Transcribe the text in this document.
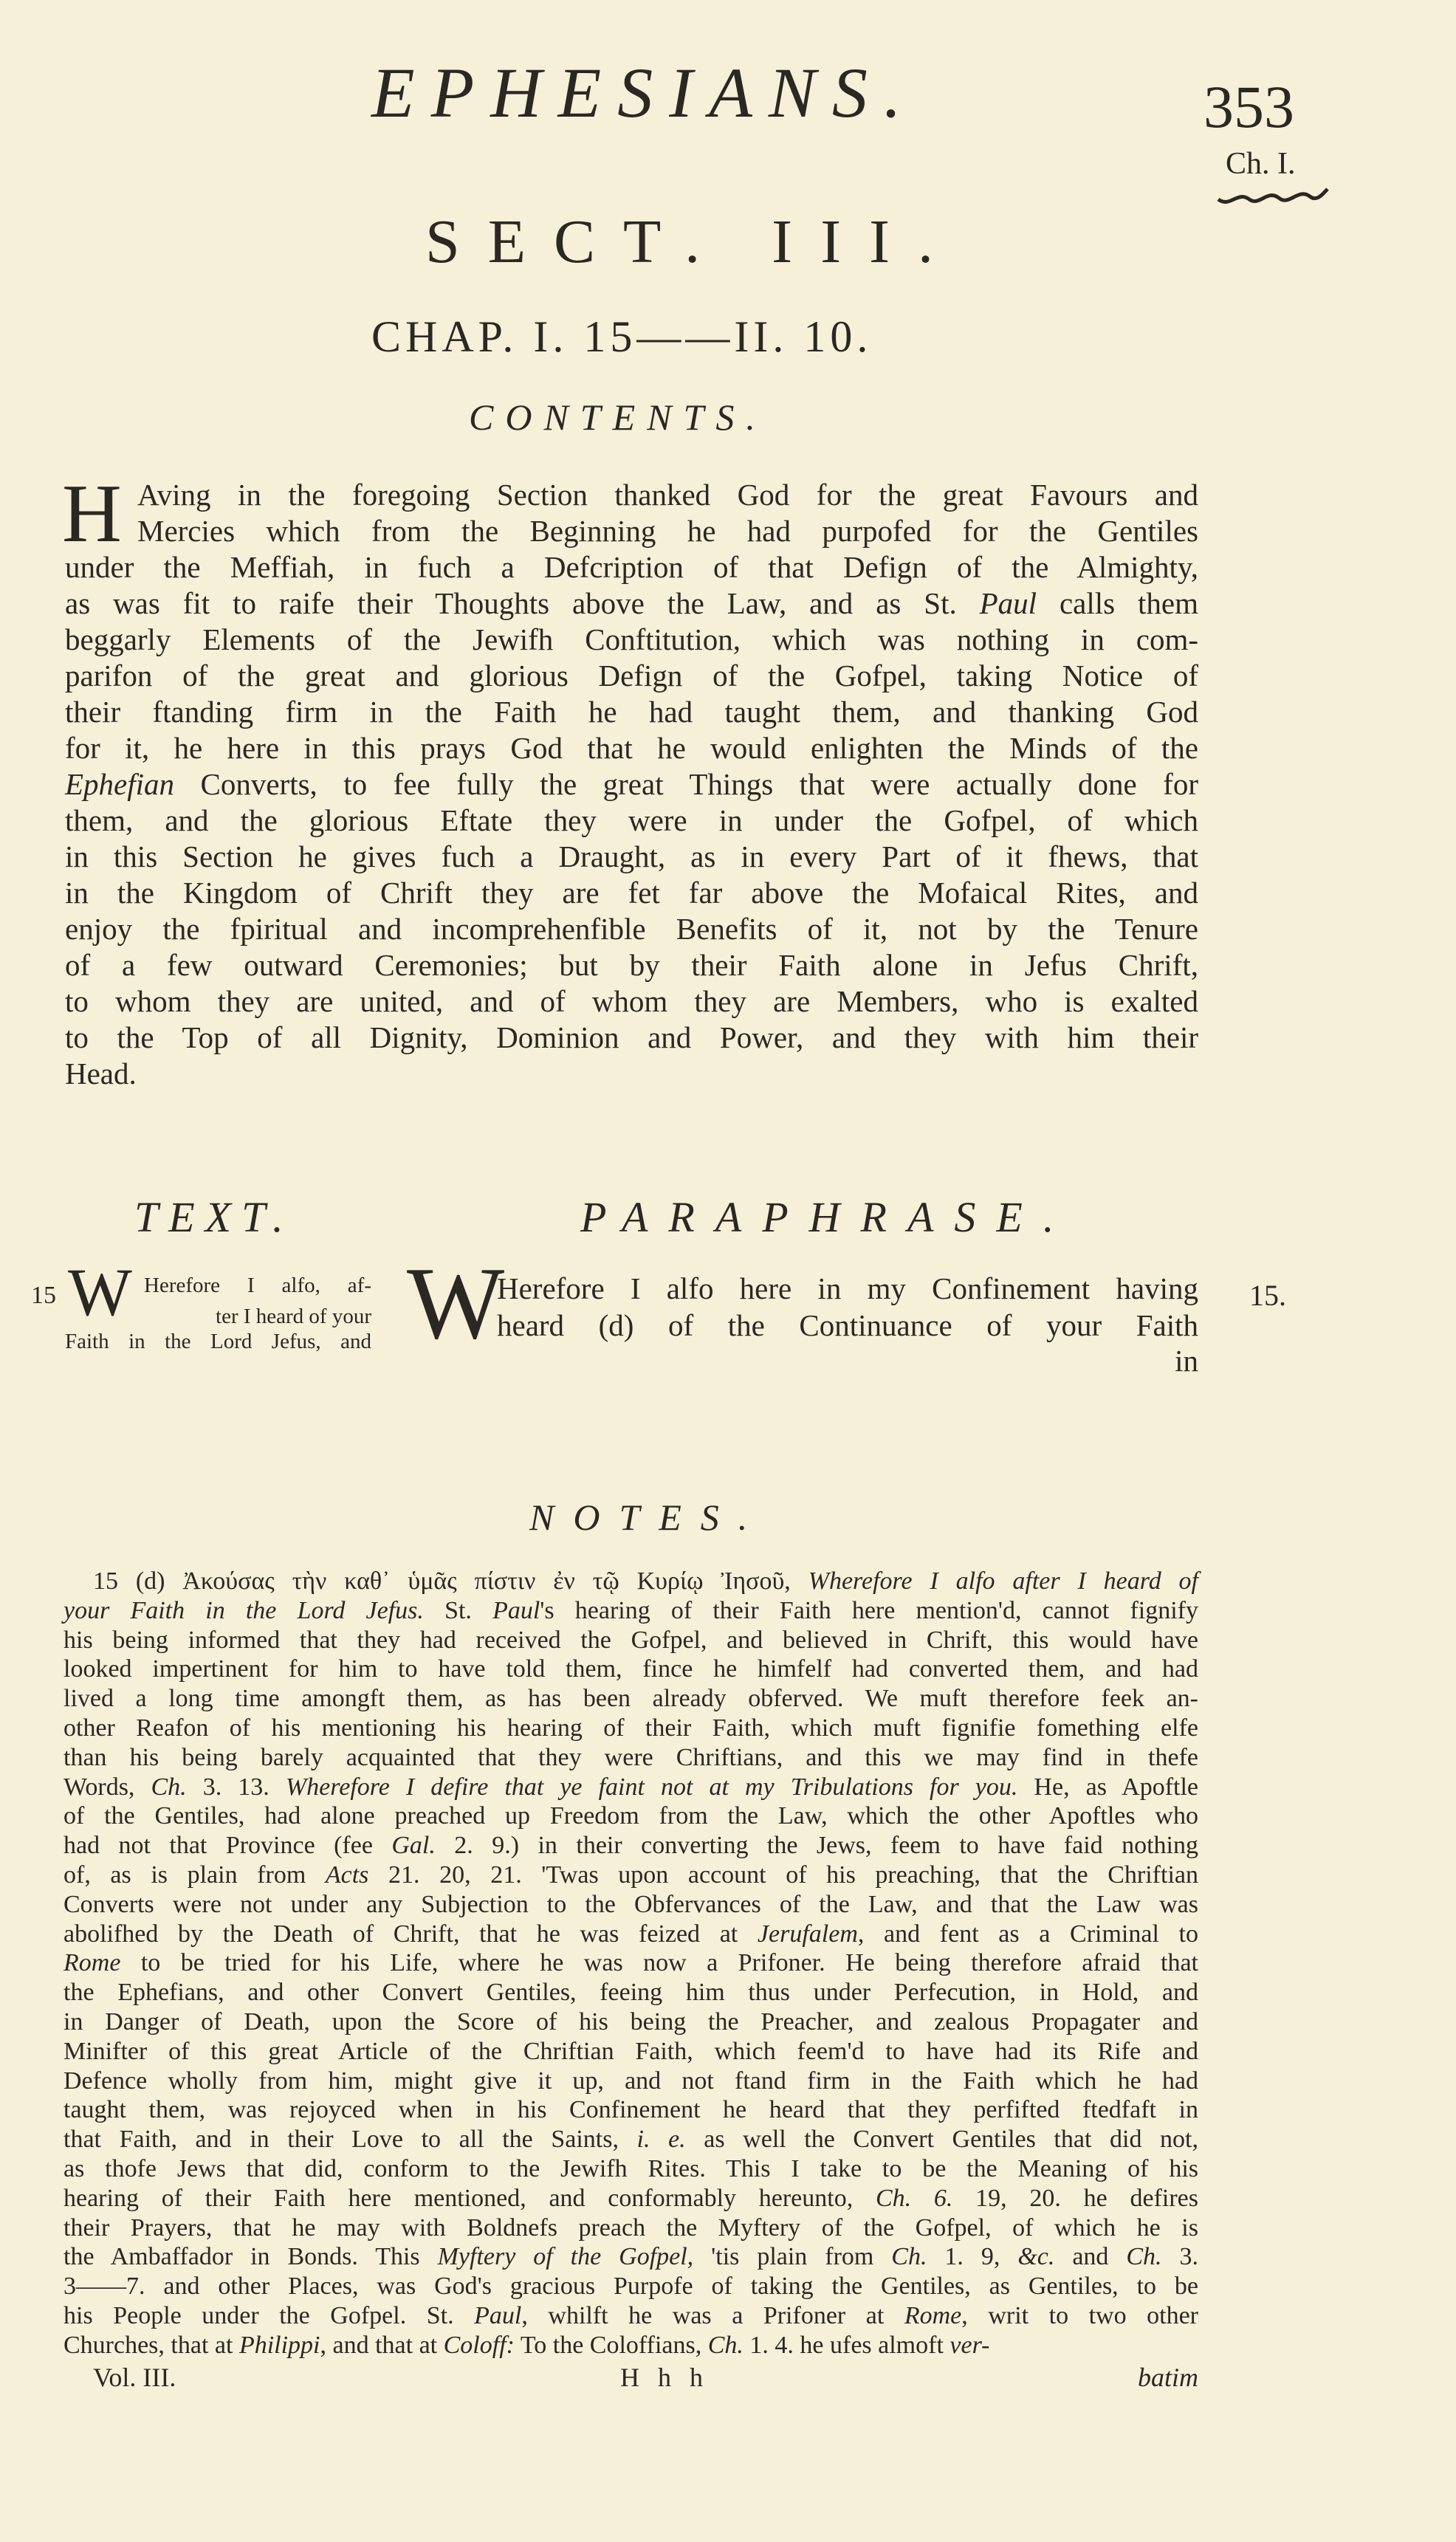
EPHESIANS.	353
Ch. I.
SECT. III.
CHAP. I. 15——II. 10.
CONTENTS.
H Aving in the foregoing Section thanked God for the great Favours and
Mercies which from the Beginning he had purpofed for the Gentiles
under the Meffiah, in fuch a Defcription of that Defign of the Almighty,
as was fit to raife their Thoughts above the Law, and as St. Paul calls them
beggarly Elements of the Jewifh Conftitution, which was nothing in com-
parifon of the great and glorious Defign of the Gofpel, taking Notice of
their ftanding firm in the Faith he had taught them, and thanking God
for it, he here in this prays God that he would enlighten the Minds of the
Ephefian Converts, to fee fully the great Things that were actually done for
them, and the glorious Eftate they were in under the Gofpel, of which
in this Section he gives fuch a Draught, as in every Part of it fhews, that
in the Kingdom of Chrift they are fet far above the Mofaical Rites, and
enjoy the fpiritual and incomprehenfible Benefits of it, not by the Tenure
of a few outward Ceremonies; but by their Faith alone in Jefus Chrift,
to whom they are united, and of whom they are Members, who is exalted
to the Top of all Dignity, Dominion and Power, and they with him their
Head.
TEXT.	PARAPHRASE.
15	15.
W Herefore I alfo, af-
ter I heard of your
Faith in the Lord Jefus, and W
Herefore I alfo here in my Confinement having
heard (d) of the Continuance of your Faith
in
NOTES.
15 (d) Ἀκούσας τὴν καθ᾽ ὑμᾶς πίστιν ἐν τῷ Κυρίῳ Ἰησοῦ, Wherefore I alfo after I heard of
your Faith in the Lord Jefus. St. Paul's hearing of their Faith here mention'd, cannot fignify
his being informed that they had received the Gofpel, and believed in Chrift, this would have
looked impertinent for him to have told them, fince he himfelf had converted them, and had
lived a long time amongft them, as has been already obferved. We muft therefore feek an-
other Reafon of his mentioning his hearing of their Faith, which muft fignifie fomething elfe
than his being barely acquainted that they were Chriftians, and this we may find in thefe
Words, Ch. 3. 13. Wherefore I defire that ye faint not at my Tribulations for you. He, as Apoftle
of the Gentiles, had alone preached up Freedom from the Law, which the other Apoftles who
had not that Province (fee Gal. 2. 9.) in their converting the Jews, feem to have faid nothing
of, as is plain from Acts 21. 20, 21. 'Twas upon account of his preaching, that the Chriftian
Converts were not under any Subjection to the Obfervances of the Law, and that the Law was
abolifhed by the Death of Chrift, that he was feized at Jerufalem, and fent as a Criminal to
Rome to be tried for his Life, where he was now a Prifoner. He being therefore afraid that
the Ephefians, and other Convert Gentiles, feeing him thus under Perfecution, in Hold, and
in Danger of Death, upon the Score of his being the Preacher, and zealous Propagater and
Minifter of this great Article of the Chriftian Faith, which feem'd to have had its Rife and
Defence wholly from him, might give it up, and not ftand firm in the Faith which he had
taught them, was rejoyced when in his Confinement he heard that they perfifted ftedfaft in
that Faith, and in their Love to all the Saints, i. e. as well the Convert Gentiles that did not,
as thofe Jews that did, conform to the Jewifh Rites. This I take to be the Meaning of his
hearing of their Faith here mentioned, and conformably hereunto, Ch. 6. 19, 20. he defires
their Prayers, that he may with Boldnefs preach the Myftery of the Gofpel, of which he is
the Ambaffador in Bonds. This Myftery of the Gofpel, 'tis plain from Ch. 1. 9, &c. and Ch. 3.
3——7. and other Places, was God's gracious Purpofe of taking the Gentiles, as Gentiles, to be
his People under the Gofpel. St. Paul, whilft he was a Prifoner at Rome, writ to two other
Churches, that at Philippi, and that at Coloff: To the Coloffians, Ch. 1. 4. he ufes almoft ver-
Vol. III.	H h h	batim
